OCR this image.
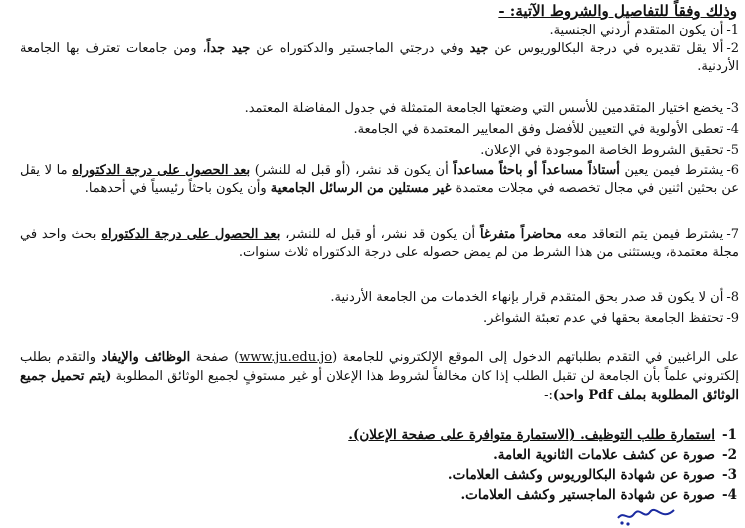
وذلك وفقاً للتفاصيل والشروط الآتية: -
1-أن يكون المتقدم أردني الجنسية.
2-ألا يقل تقديره في درجة البكالوريوس عن جيد وفي درجتي الماجستير والدكتوراه عن جيد جداً، ومن جامعات تعترف بها الجامعة الأردنية.
3-يخضع اختيار المتقدمين للأسس التي وضعتها الجامعة المتمثلة في جدول المفاضلة المعتمد.
4-تعطى الأولوية في التعيين للأفضل وفق المعايير المعتمدة في الجامعة.
5-تحقيق الشروط الخاصة الموجودة في الإعلان.
6-يشترط فيمن يعين أستاذاً مساعداً أو باحثاً مساعداً أن يكون قد نشر، (أو قبل له للنشر) بعد الحصول على درجة الدكتوراه ما لا يقل عن بحثين اثنين في مجال تخصصه في مجلات معتمدة غير مستلين من الرسائل الجامعية وأن يكون باحثاً رئيسياً في أحدهما.
7-يشترط فيمن يتم التعاقد معه محاضراً متفرغاً أن يكون قد نشر، أو قبل له للنشر، بعد الحصول على درجة الدكتوراه بحث واحد في مجلة معتمدة، ويستثنى من هذا الشرط من لم يمض حصوله على درجة الدكتوراه ثلاث سنوات.
8-أن لا يكون قد صدر بحق المتقدم قرار بإنهاء الخدمات من الجامعة الأردنية.
9-تحتفظ الجامعة بحقها في عدم تعبئة الشواغر.
على الراغبين في التقدم بطلباتهم الدخول إلى الموقع الإلكتروني للجامعة (www.ju.edu.jo) صفحة الوظائف والإيفاد والتقدم بطلب إلكتروني علماً بأن الجامعة لن تقبل الطلب إذا كان مخالفاً لشروط هذا الإعلان أو غير مستوفٍ لجميع الوثائق المطلوبة (يتم تحميل جميع الوثائق المطلوبة بملف Pdf واحد):-
1-استمارة طلب التوظيف. (الاستمارة متوافرة على صفحة الإعلان).
2-صورة عن كشف علامات الثانوية العامة.
3-صورة عن شهادة البكالوريوس وكشف العلامات.
4-صورة عن شهادة الماجستير وكشف العلامات.
